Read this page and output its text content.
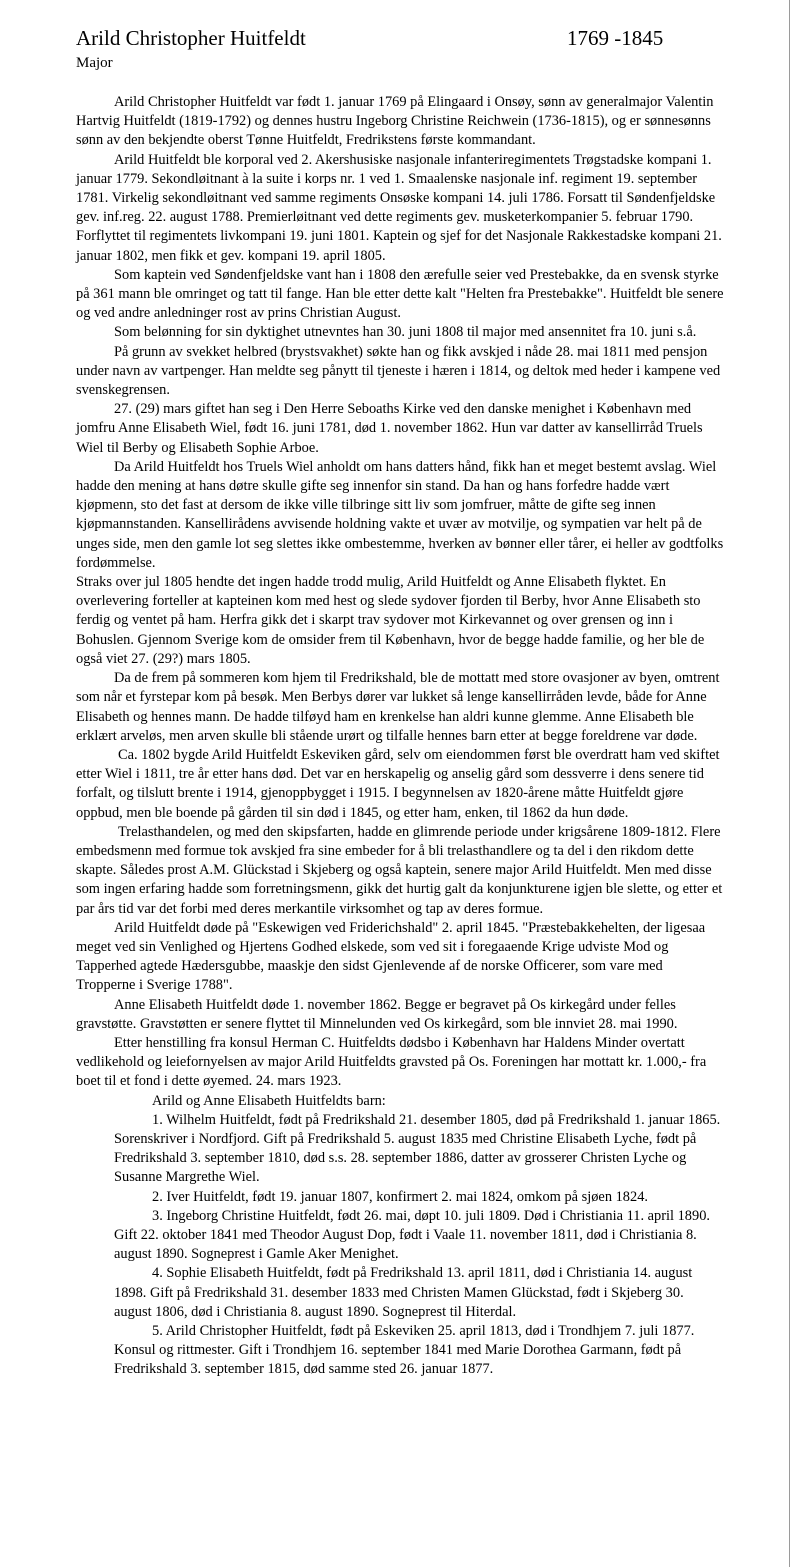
Arild Christopher Huitfeldt	1769 -1845
Major

Arild Christopher Huitfeldt var født 1. januar 1769 på Elingaard i Onsøy, sønn av generalmajor Valentin Hartvig Huitfeldt (1819-1792) og dennes hustru Ingeborg Christine Reichwein (1736-1815), og er sønnesønns sønn av den bekjendte oberst Tønne Huitfeldt, Fredrikstens første kommandant.

Arild Huitfeldt ble korporal ved 2. Akershusiske nasjonale infanteriregimentets Trøgstadske kompani 1. januar 1779. Sekondløitnant à la suite i korps nr. 1 ved 1. Smaalenske nasjonale inf. regiment 19. september 1781. Virkelig sekondløitnant ved samme regiments Onsøske kompani 14. juli 1786. Forsatt til Søndenfjeldske gev. inf.reg. 22. august 1788. Premierløitnant ved dette regiments gev. musketerkompanier 5. februar 1790. Forflyttet til regimentets livkompani 19. juni 1801. Kaptein og sjef for det Nasjonale Rakkestadske kompani 21. januar 1802, men fikk et gev. kompani 19. april 1805.

Som kaptein ved Søndenfjeldske vant han i 1808 den ærefulle seier ved Prestebakke, da en svensk styrke på 361 mann ble omringet og tatt til fange. Han ble etter dette kalt "Helten fra Prestebakke". Huitfeldt ble senere og ved andre anledninger rost av prins Christian August.

Som belønning for sin dyktighet utnevntes han 30. juni 1808 til major med ansennitet fra 10. juni s.å.

På grunn av svekket helbred (brystsvakhet) søkte han og fikk avskjed i nåde 28. mai 1811 med pensjon under navn av vartpenger. Han meldte seg pånytt til tjeneste i hæren i 1814, og deltok med heder i kampene ved svenskegrensen.

27. (29) mars giftet han seg i Den Herre Seboaths Kirke ved den danske menighet i København med jomfru Anne Elisabeth Wiel, født 16. juni 1781, død 1. november 1862. Hun var datter av kansellirråd Truels Wiel til Berby og Elisabeth Sophie Arboe.

Da Arild Huitfeldt hos Truels Wiel anholdt om hans datters hånd, fikk han et meget bestemt avslag. Wiel hadde den mening at hans døtre skulle gifte seg innenfor sin stand. Da han og hans forfedre hadde vært kjøpmenn, sto det fast at dersom de ikke ville tilbringe sitt liv som jomfruer, måtte de gifte seg innen kjøpmannstanden. Kansellirådens avvisende holdning vakte et uvær av motvilje, og sympatien var helt på de unges side, men den gamle lot seg slettes ikke ombestemme, hverken av bønner eller tårer, ei heller av godtfolks fordømmelse.

Straks over jul 1805 hendte det ingen hadde trodd mulig, Arild Huitfeldt og Anne Elisabeth flyktet. En overlevering forteller at kapteinen kom med hest og slede sydover fjorden til Berby, hvor Anne Elisabeth sto ferdig og ventet på ham. Herfra gikk det i skarpt trav sydover mot Kirkevannet og over grensen og inn i Bohuslen. Gjennom Sverige kom de omsider frem til København, hvor de begge hadde familie, og her ble de også viet 27. (29?) mars 1805.

Da de frem på sommeren kom hjem til Fredrikshald, ble de mottatt med store ovasjoner av byen, omtrent som når et fyrstepar kom på besøk. Men Berbys dører var lukket så lenge kansellirråden levde, både for Anne Elisabeth og hennes mann. De hadde tilføyd ham en krenkelse han aldri kunne glemme. Anne Elisabeth ble erklært arveløs, men arven skulle bli stående urørt og tilfalle hennes barn etter at begge foreldrene var døde.

Ca. 1802 bygde Arild Huitfeldt Eskeviken gård, selv om eiendommen først ble overdratt ham ved skiftet etter Wiel i 1811, tre år etter hans død. Det var en herskapelig og anselig gård som dessverre i dens senere tid forfalt, og tilslutt brente i 1914, gjenoppbygget i 1915. I begynnelsen av 1820-årene måtte Huitfeldt gjøre oppbud, men ble boende på gården til sin død i 1845, og etter ham, enken, til 1862 da hun døde.

Trelasthandelen, og med den skipsfarten, hadde en glimrende periode under krigsårene 1809-1812. Flere embedsmenn med formue tok avskjed fra sine embeder for å bli trelasthandlere og ta del i den rikdom dette skapte. Således prost A.M. Glückstad i Skjeberg og også kaptein, senere major Arild Huitfeldt. Men med disse som ingen erfaring hadde som forretningsmenn, gikk det hurtig galt da konjunkturene igjen ble slette, og etter et par års tid var det forbi med deres merkantile virksomhet og tap av deres formue.

Arild Huitfeldt døde på "Eskewigen ved Friderichshald" 2. april 1845. "Præstebakkehelten, der ligesaa meget ved sin Venlighed og Hjertens Godhed elskede, som ved sit i foregaaende Krige udviste Mod og Tapperhed agtede Hædersgubbe, maaskje den sidst Gjenlevende af de norske Officerer, som vare med Tropperne i Sverige 1788".

Anne Elisabeth Huitfeldt døde 1. november 1862. Begge er begravet på Os kirkegård under felles gravstøtte. Gravstøtten er senere flyttet til Minnelunden ved Os kirkegård, som ble innviet 28. mai 1990.

Etter henstilling fra konsul Herman C. Huitfeldts dødsbo i København har Haldens Minder overtatt vedlikehold og leiefornyelsen av major Arild Huitfeldts gravsted på Os. Foreningen har mottatt kr. 1.000,- fra boet til et fond i dette øyemed. 24. mars 1923.

Arild og Anne Elisabeth Huitfeldts barn:

1. Wilhelm Huitfeldt, født på Fredrikshald 21. desember 1805, død på Fredrikshald 1. januar 1865. Sorenskriver i Nordfjord. Gift på Fredrikshald 5. august 1835 med Christine Elisabeth Lyche, født på Fredrikshald 3. september 1810, død s.s. 28. september 1886, datter av grosserer Christen Lyche og Susanne Margrethe Wiel.

2. Iver Huitfeldt, født 19. januar 1807, konfirmert 2. mai 1824, omkom på sjøen 1824.

3. Ingeborg Christine Huitfeldt, født 26. mai, døpt 10. juli 1809. Død i Christiania 11. april 1890. Gift 22. oktober 1841 med Theodor August Dop, født i Vaale 11. november 1811, død i Christiania 8. august 1890. Sogneprest i Gamle Aker Menighet.

4. Sophie Elisabeth Huitfeldt, født på Fredrikshald 13. april 1811, død i Christiania 14. august 1898. Gift på Fredrikshald 31. desember 1833 med Christen Mamen Glückstad, født i Skjeberg 30. august 1806, død i Christiania 8. august 1890. Sogneprest til Hiterdal.

5. Arild Christopher Huitfeldt, født på Eskeviken 25. april 1813, død i Trondhjem 7. juli 1877. Konsul og rittmester. Gift i Trondhjem 16. september 1841 med Marie Dorothea Garmann, født på Fredrikshald 3. september 1815, død samme sted 26. januar 1877.
